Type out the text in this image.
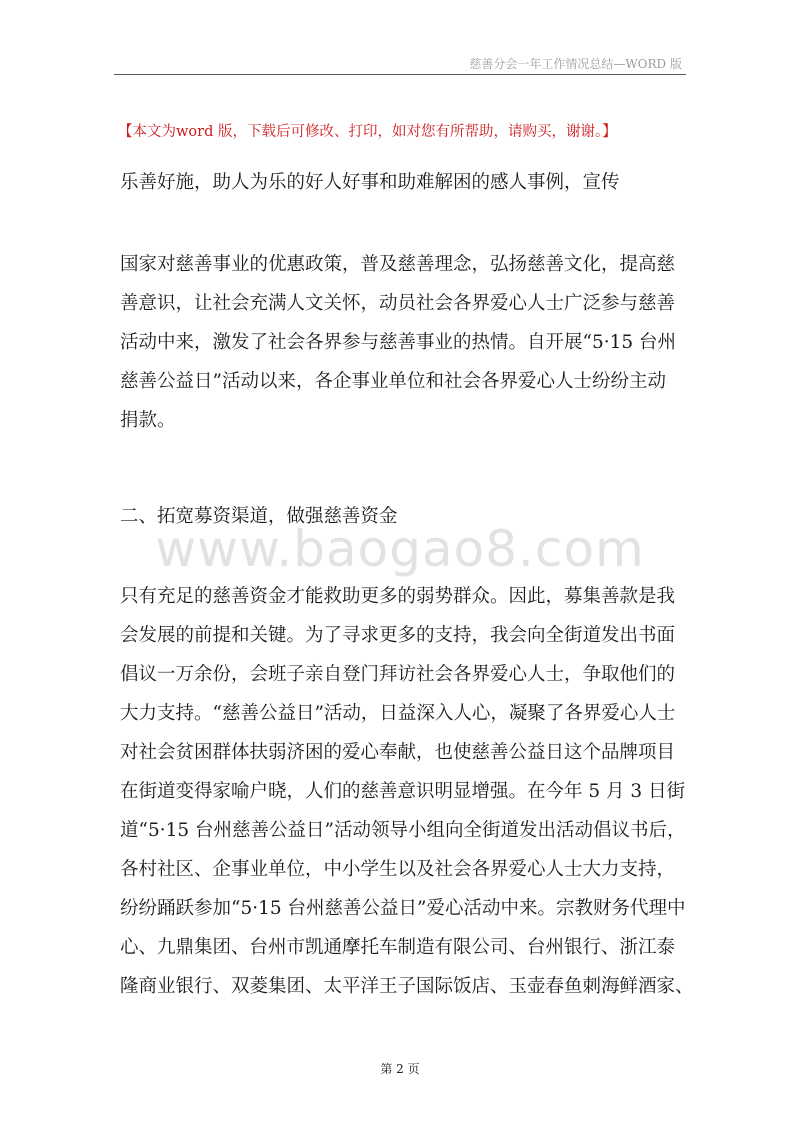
慈善分会一年工作情况总结—WORD 版
【本文为word 版，下载后可修改、打印，如对您有所帮助，请购买，谢谢。】
www.baogao8.com
乐善好施，助人为乐的好人好事和助难解困的感人事例，宣传
国家对慈善事业的优惠政策，普及慈善理念，弘扬慈善文化，提高慈
善意识，让社会充满人文关怀，动员社会各界爱心人士广泛参与慈善
活动中来，激发了社会各界参与慈善事业的热情。自开展“5·15 台州
慈善公益日”活动以来，各企事业单位和社会各界爱心人士纷纷主动
捐款。
二、拓宽募资渠道，做强慈善资金
只有充足的慈善资金才能救助更多的弱势群众。因此，募集善款是我
会发展的前提和关键。为了寻求更多的支持，我会向全街道发出书面
倡议一万余份，会班子亲自登门拜访社会各界爱心人士，争取他们的
大力支持。“慈善公益日”活动，日益深入人心，凝聚了各界爱心人士
对社会贫困群体扶弱济困的爱心奉献，也使慈善公益日这个品牌项目
在街道变得家喻户晓，人们的慈善意识明显增强。在今年 5 月 3 日街
道“5·15 台州慈善公益日”活动领导小组向全街道发出活动倡议书后，
各村社区、企事业单位，中小学生以及社会各界爱心人士大力支持，
纷纷踊跃参加“5·15 台州慈善公益日”爱心活动中来。宗教财务代理中
心、九鼎集团、台州市凯通摩托车制造有限公司、台州银行、浙江泰
隆商业银行、双菱集团、太平洋王子国际饭店、玉壶春鱼刺海鲜酒家、
第 2 页
